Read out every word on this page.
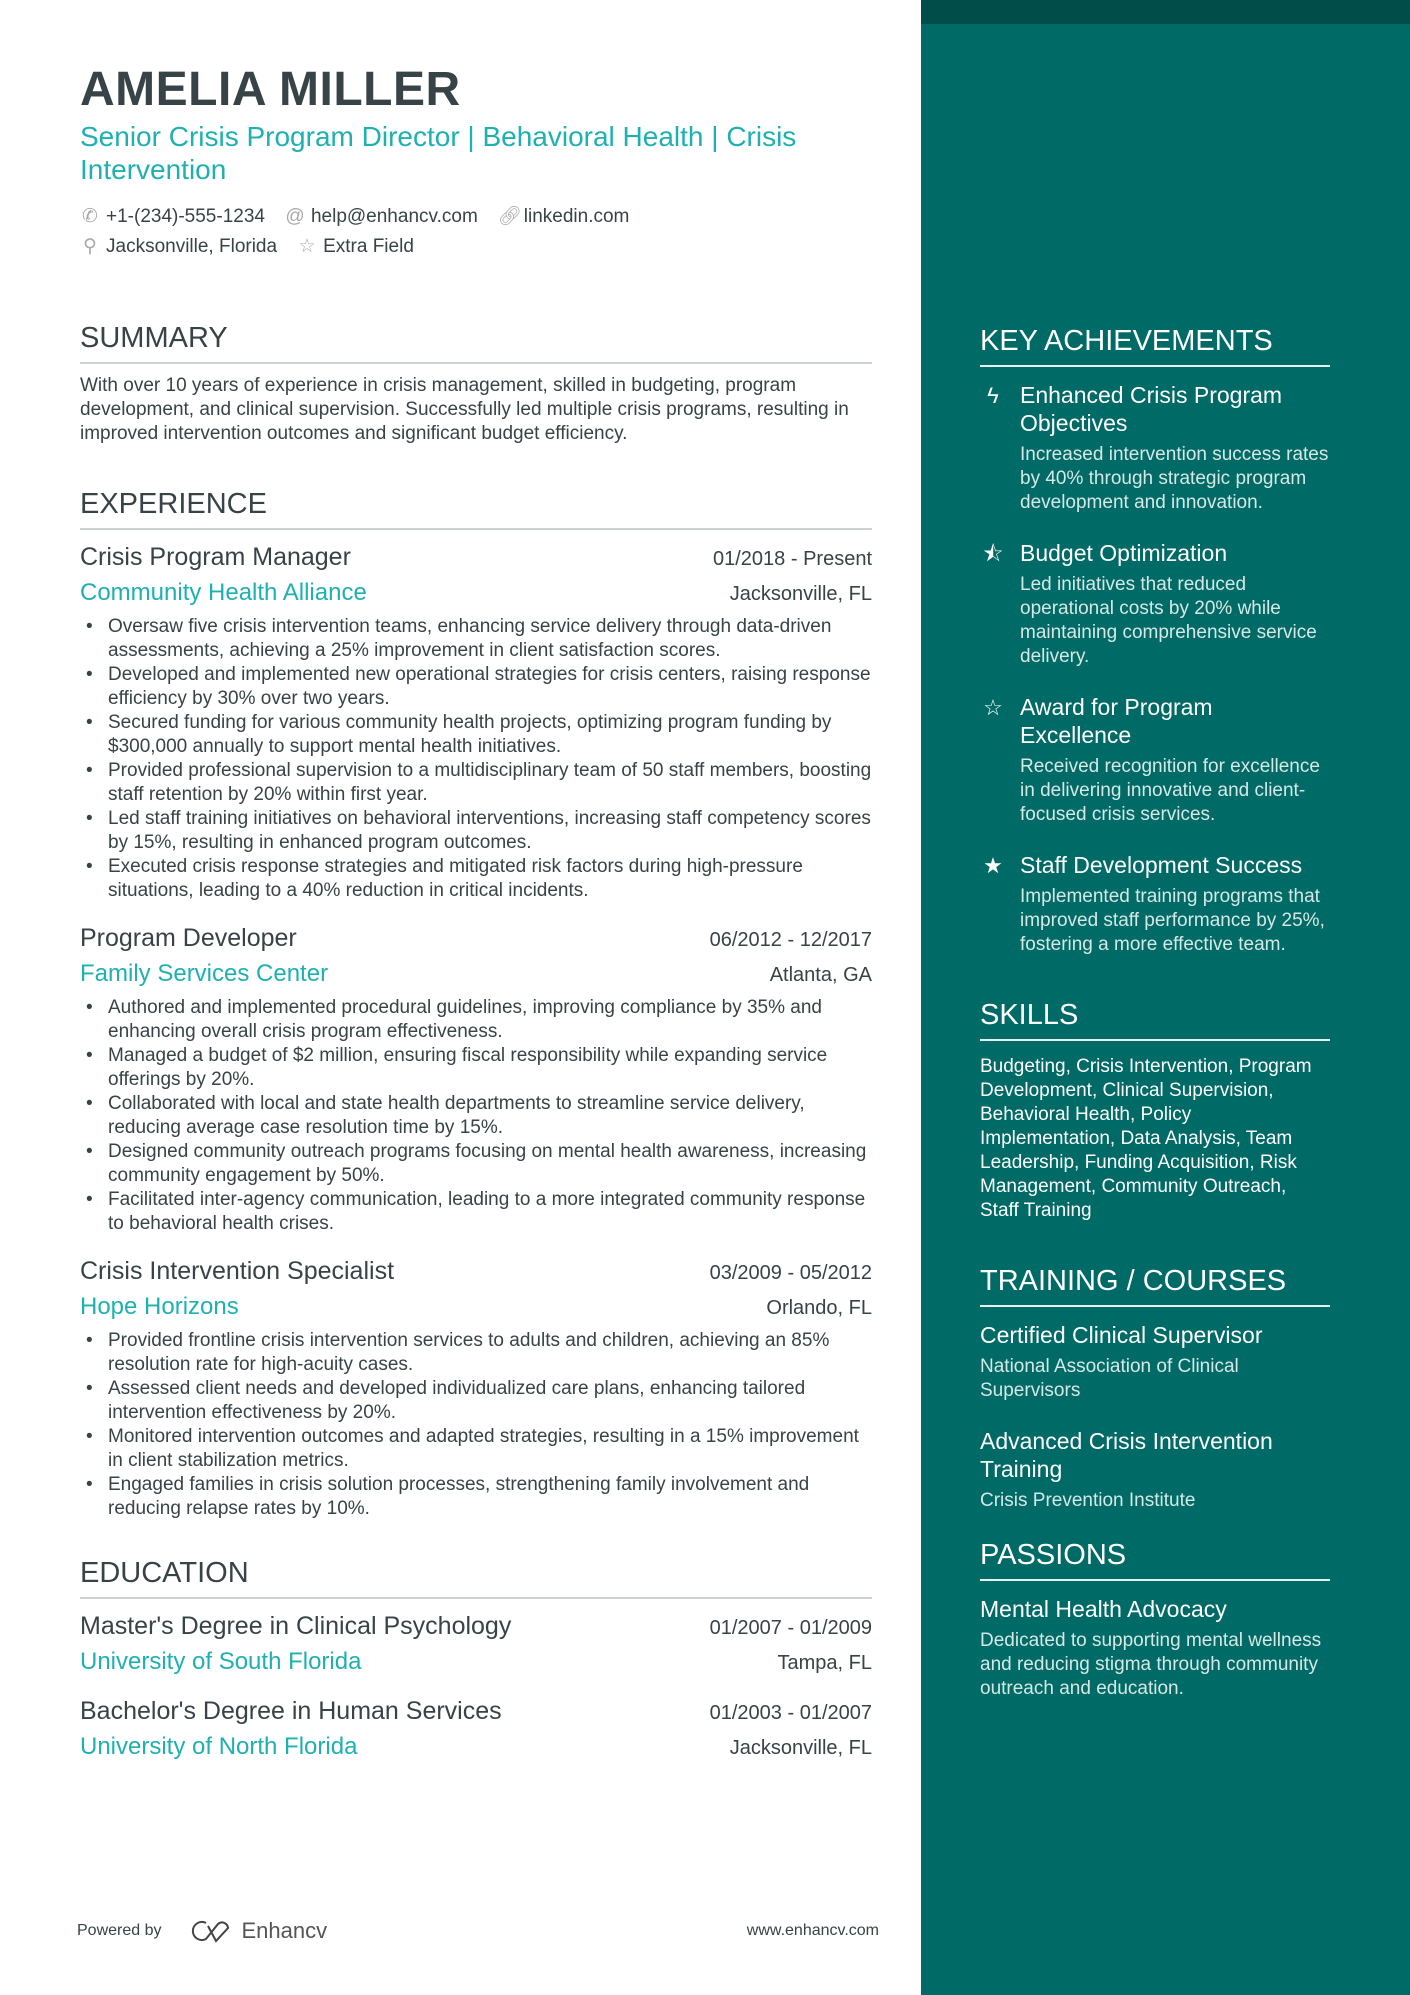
AMELIA MILLER
Senior Crisis Program Director | Behavioral Health | Crisis Intervention
✆ +1-(234)-555-1234 @ help@enhancv.com 🔗︎ linkedin.com
⚲ Jacksonville, Florida ☆ Extra Field
SUMMARY
With over 10 years of experience in crisis management, skilled in budgeting, program development, and clinical supervision. Successfully led multiple crisis programs, resulting in improved intervention outcomes and significant budget efficiency.
EXPERIENCE
Crisis Program Manager	01/2018 - Present
Community Health Alliance	Jacksonville, FL
• Oversaw five crisis intervention teams, enhancing service delivery through data-driven assessments, achieving a 25% improvement in client satisfaction scores.
• Developed and implemented new operational strategies for crisis centers, raising response efficiency by 30% over two years.
• Secured funding for various community health projects, optimizing program funding by $300,000 annually to support mental health initiatives.
• Provided professional supervision to a multidisciplinary team of 50 staff members, boosting staff retention by 20% within first year.
• Led staff training initiatives on behavioral interventions, increasing staff competency scores by 15%, resulting in enhanced program outcomes.
• Executed crisis response strategies and mitigated risk factors during high-pressure situations, leading to a 40% reduction in critical incidents.
Program Developer	06/2012 - 12/2017
Family Services Center	Atlanta, GA
• Authored and implemented procedural guidelines, improving compliance by 35% and enhancing overall crisis program effectiveness.
• Managed a budget of $2 million, ensuring fiscal responsibility while expanding service offerings by 20%.
• Collaborated with local and state health departments to streamline service delivery, reducing average case resolution time by 15%.
• Designed community outreach programs focusing on mental health awareness, increasing community engagement by 50%.
• Facilitated inter-agency communication, leading to a more integrated community response to behavioral health crises.
Crisis Intervention Specialist	03/2009 - 05/2012
Hope Horizons	Orlando, FL
• Provided frontline crisis intervention services to adults and children, achieving an 85% resolution rate for high-acuity cases.
• Assessed client needs and developed individualized care plans, enhancing tailored intervention effectiveness by 20%.
• Monitored intervention outcomes and adapted strategies, resulting in a 15% improvement in client stabilization metrics.
• Engaged families in crisis solution processes, strengthening family involvement and reducing relapse rates by 10%.
EDUCATION
Master's Degree in Clinical Psychology	01/2007 - 01/2009
University of South Florida	Tampa, FL
Bachelor's Degree in Human Services	01/2003 - 01/2007
University of North Florida	Jacksonville, FL
Powered by	Enhancv	www.enhancv.com
KEY ACHIEVEMENTS
ϟ Enhanced Crisis Program Objectives
Increased intervention success rates by 40% through strategic program development and innovation.
⯪ Budget Optimization
Led initiatives that reduced operational costs by 20% while maintaining comprehensive service delivery.
☆ Award for Program Excellence
Received recognition for excellence in delivering innovative and client-focused crisis services.
★ Staff Development Success
Implemented training programs that improved staff performance by 25%, fostering a more effective team.
SKILLS
Budgeting, Crisis Intervention, Program Development, Clinical Supervision, Behavioral Health, Policy Implementation, Data Analysis, Team Leadership, Funding Acquisition, Risk Management, Community Outreach, Staff Training
TRAINING / COURSES
Certified Clinical Supervisor
National Association of Clinical Supervisors
Advanced Crisis Intervention Training
Crisis Prevention Institute
PASSIONS
Mental Health Advocacy
Dedicated to supporting mental wellness and reducing stigma through community outreach and education.
